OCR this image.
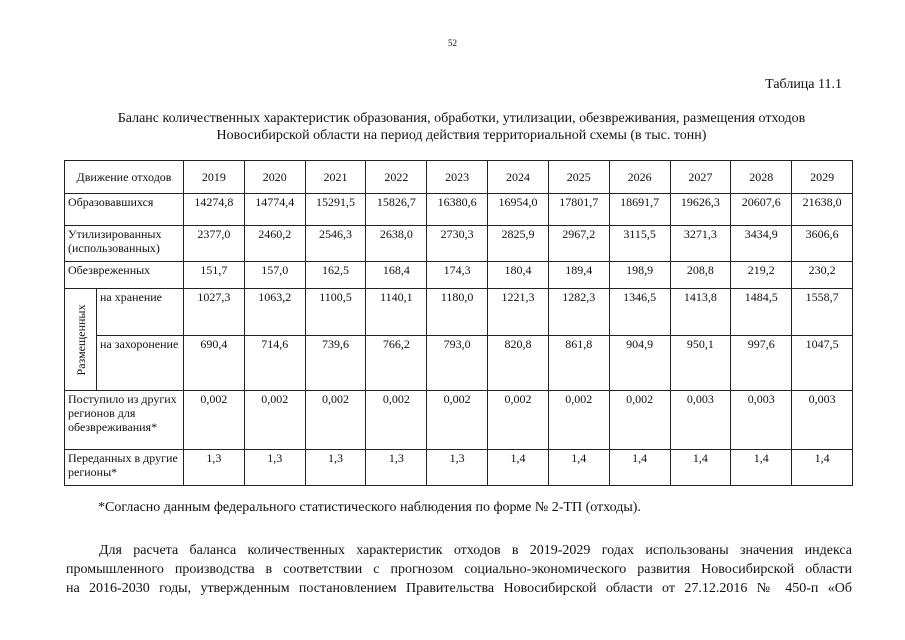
52
Таблица 11.1
Баланс количественных характеристик образования, обработки, утилизации, обезвреживания, размещения отходов
Новосибирской области на период действия территориальной схемы (в тыс. тонн)
Движение отходов		2019	2020	2021	2022	2023	2024	2025	2026	2027	2028	2029
Образовавшихся		14274,8	14774,4	15291,5	15826,7	16380,6	16954,0	17801,7	18691,7	19626,3	20607,6	21638,0
Утилизированных (использованных)		2377,0	2460,2	2546,3	2638,0	2730,3	2825,9	2967,2	3115,5	3271,3	3434,9	3606,6
Обезвреженных		151,7	157,0	162,5	168,4	174,3	180,4	189,4	198,9	208,8	219,2	230,2

Размещенных	на хранение	1027,3	1063,2	1100,5	1140,1	1180,0	1221,3	1282,3	1346,5	1413,8	1484,5	1558,7
	на захоронение	690,4	714,6	739,6	766,2	793,0	820,8	861,8	904,9	950,1	997,6	1047,5
Поступило из других регионов для обезвреживания*		0,002	0,002	0,002	0,002	0,002	0,002	0,002	0,002	0,003	0,003	0,003
Переданных в другие регионы*		1,3	1,3	1,3	1,3	1,3	1,4	1,4	1,4	1,4	1,4	1,4
*Согласно данным федерального статистического наблюдения по форме № 2-ТП (отходы).
Для расчета баланса количественных характеристик отходов в 2019-2029 годах использованы значения индекса
промышленного производства в соответствии с прогнозом социально-экономического развития Новосибирской области
на 2016-2030 годы, утвержденным постановлением Правительства Новосибирской области от 27.12.2016 № 450-п «Об
